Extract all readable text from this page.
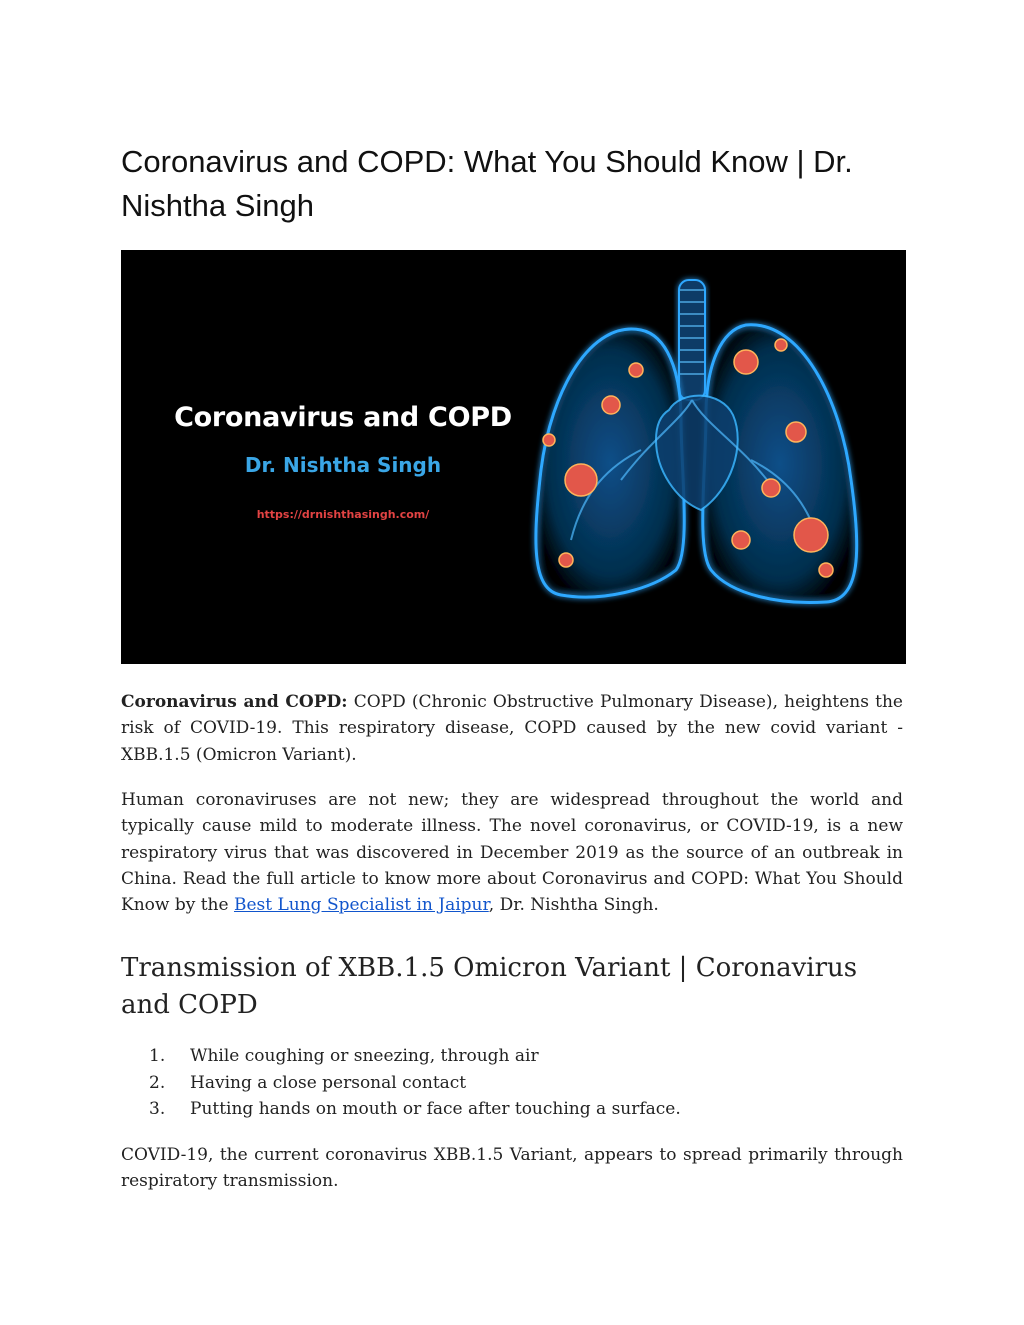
Coronavirus and COPD: What You Should Know | Dr. Nishtha Singh
Coronavirus and COPD
Dr. Nishtha Singh
https://drnishthasingh.com/

Coronavirus and COPD: COPD (Chronic Obstructive Pulmonary Disease), heightens the risk of COVID-19. This respiratory disease, COPD caused by the new covid variant - XBB.1.5 (Omicron Variant).

Human coronaviruses are not new; they are widespread throughout the world and typically cause mild to moderate illness. The novel coronavirus, or COVID-19, is a new respiratory virus that was discovered in December 2019 as the source of an outbreak in China. Read the full article to know more about Coronavirus and COPD: What You Should Know by the Best Lung Specialist in Jaipur, Dr. Nishtha Singh.

Transmission of XBB.1.5 Omicron Variant | Coronavirus and COPD
1. While coughing or sneezing, through air
2. Having a close personal contact
3. Putting hands on mouth or face after touching a surface.

COVID-19, the current coronavirus XBB.1.5 Variant, appears to spread primarily through respiratory transmission.
